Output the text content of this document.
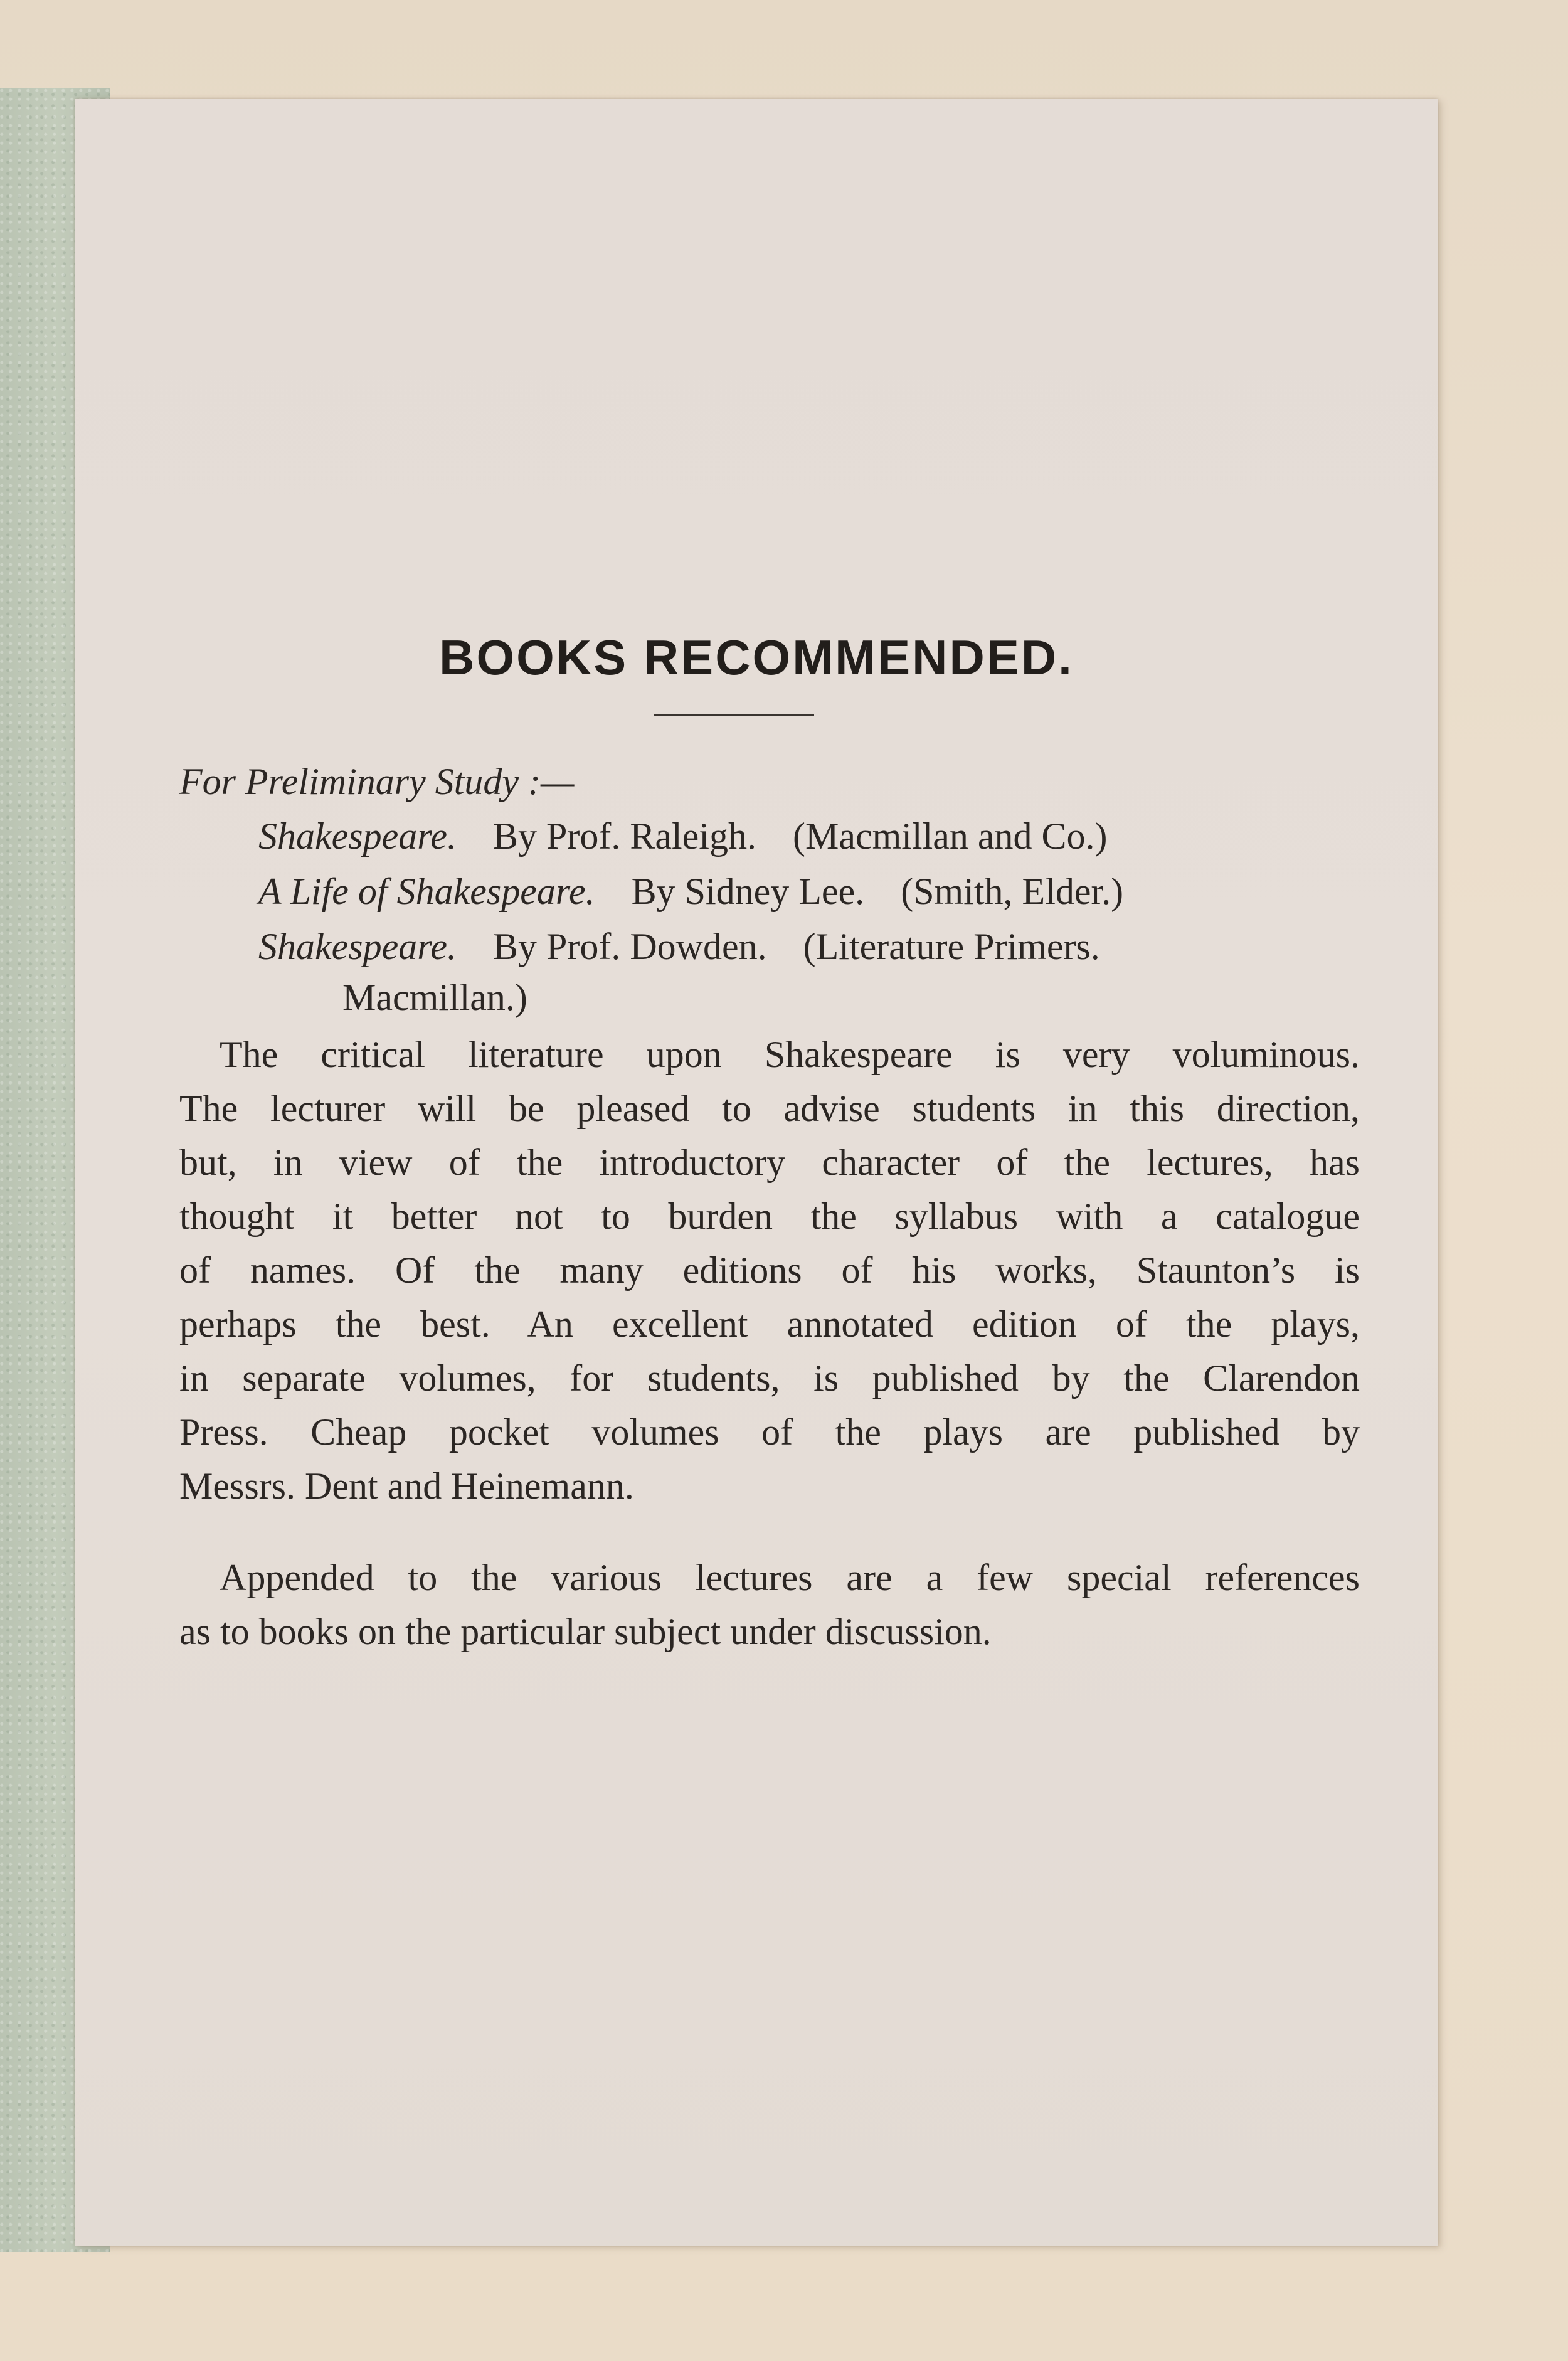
BOOKS RECOMMENDED.
For Preliminary Study :—
Shakespeare. By Prof. Raleigh. (Macmillan and Co.)
A Life of Shakespeare. By Sidney Lee. (Smith, Elder.)
Shakespeare. By Prof. Dowden. (Literature Primers.
Macmillan.)
The critical literature upon Shakespeare is very voluminous.
The lecturer will be pleased to advise students in this direction,
but, in view of the introductory character of the lectures, has
thought it better not to burden the syllabus with a catalogue
of names. Of the many editions of his works, Staunton’s is
perhaps the best. An excellent annotated edition of the plays,
in separate volumes, for students, is published by the Clarendon
Press. Cheap pocket volumes of the plays are published by
Messrs. Dent and Heinemann.
Appended to the various lectures are a few special references
as to books on the particular subject under discussion.
